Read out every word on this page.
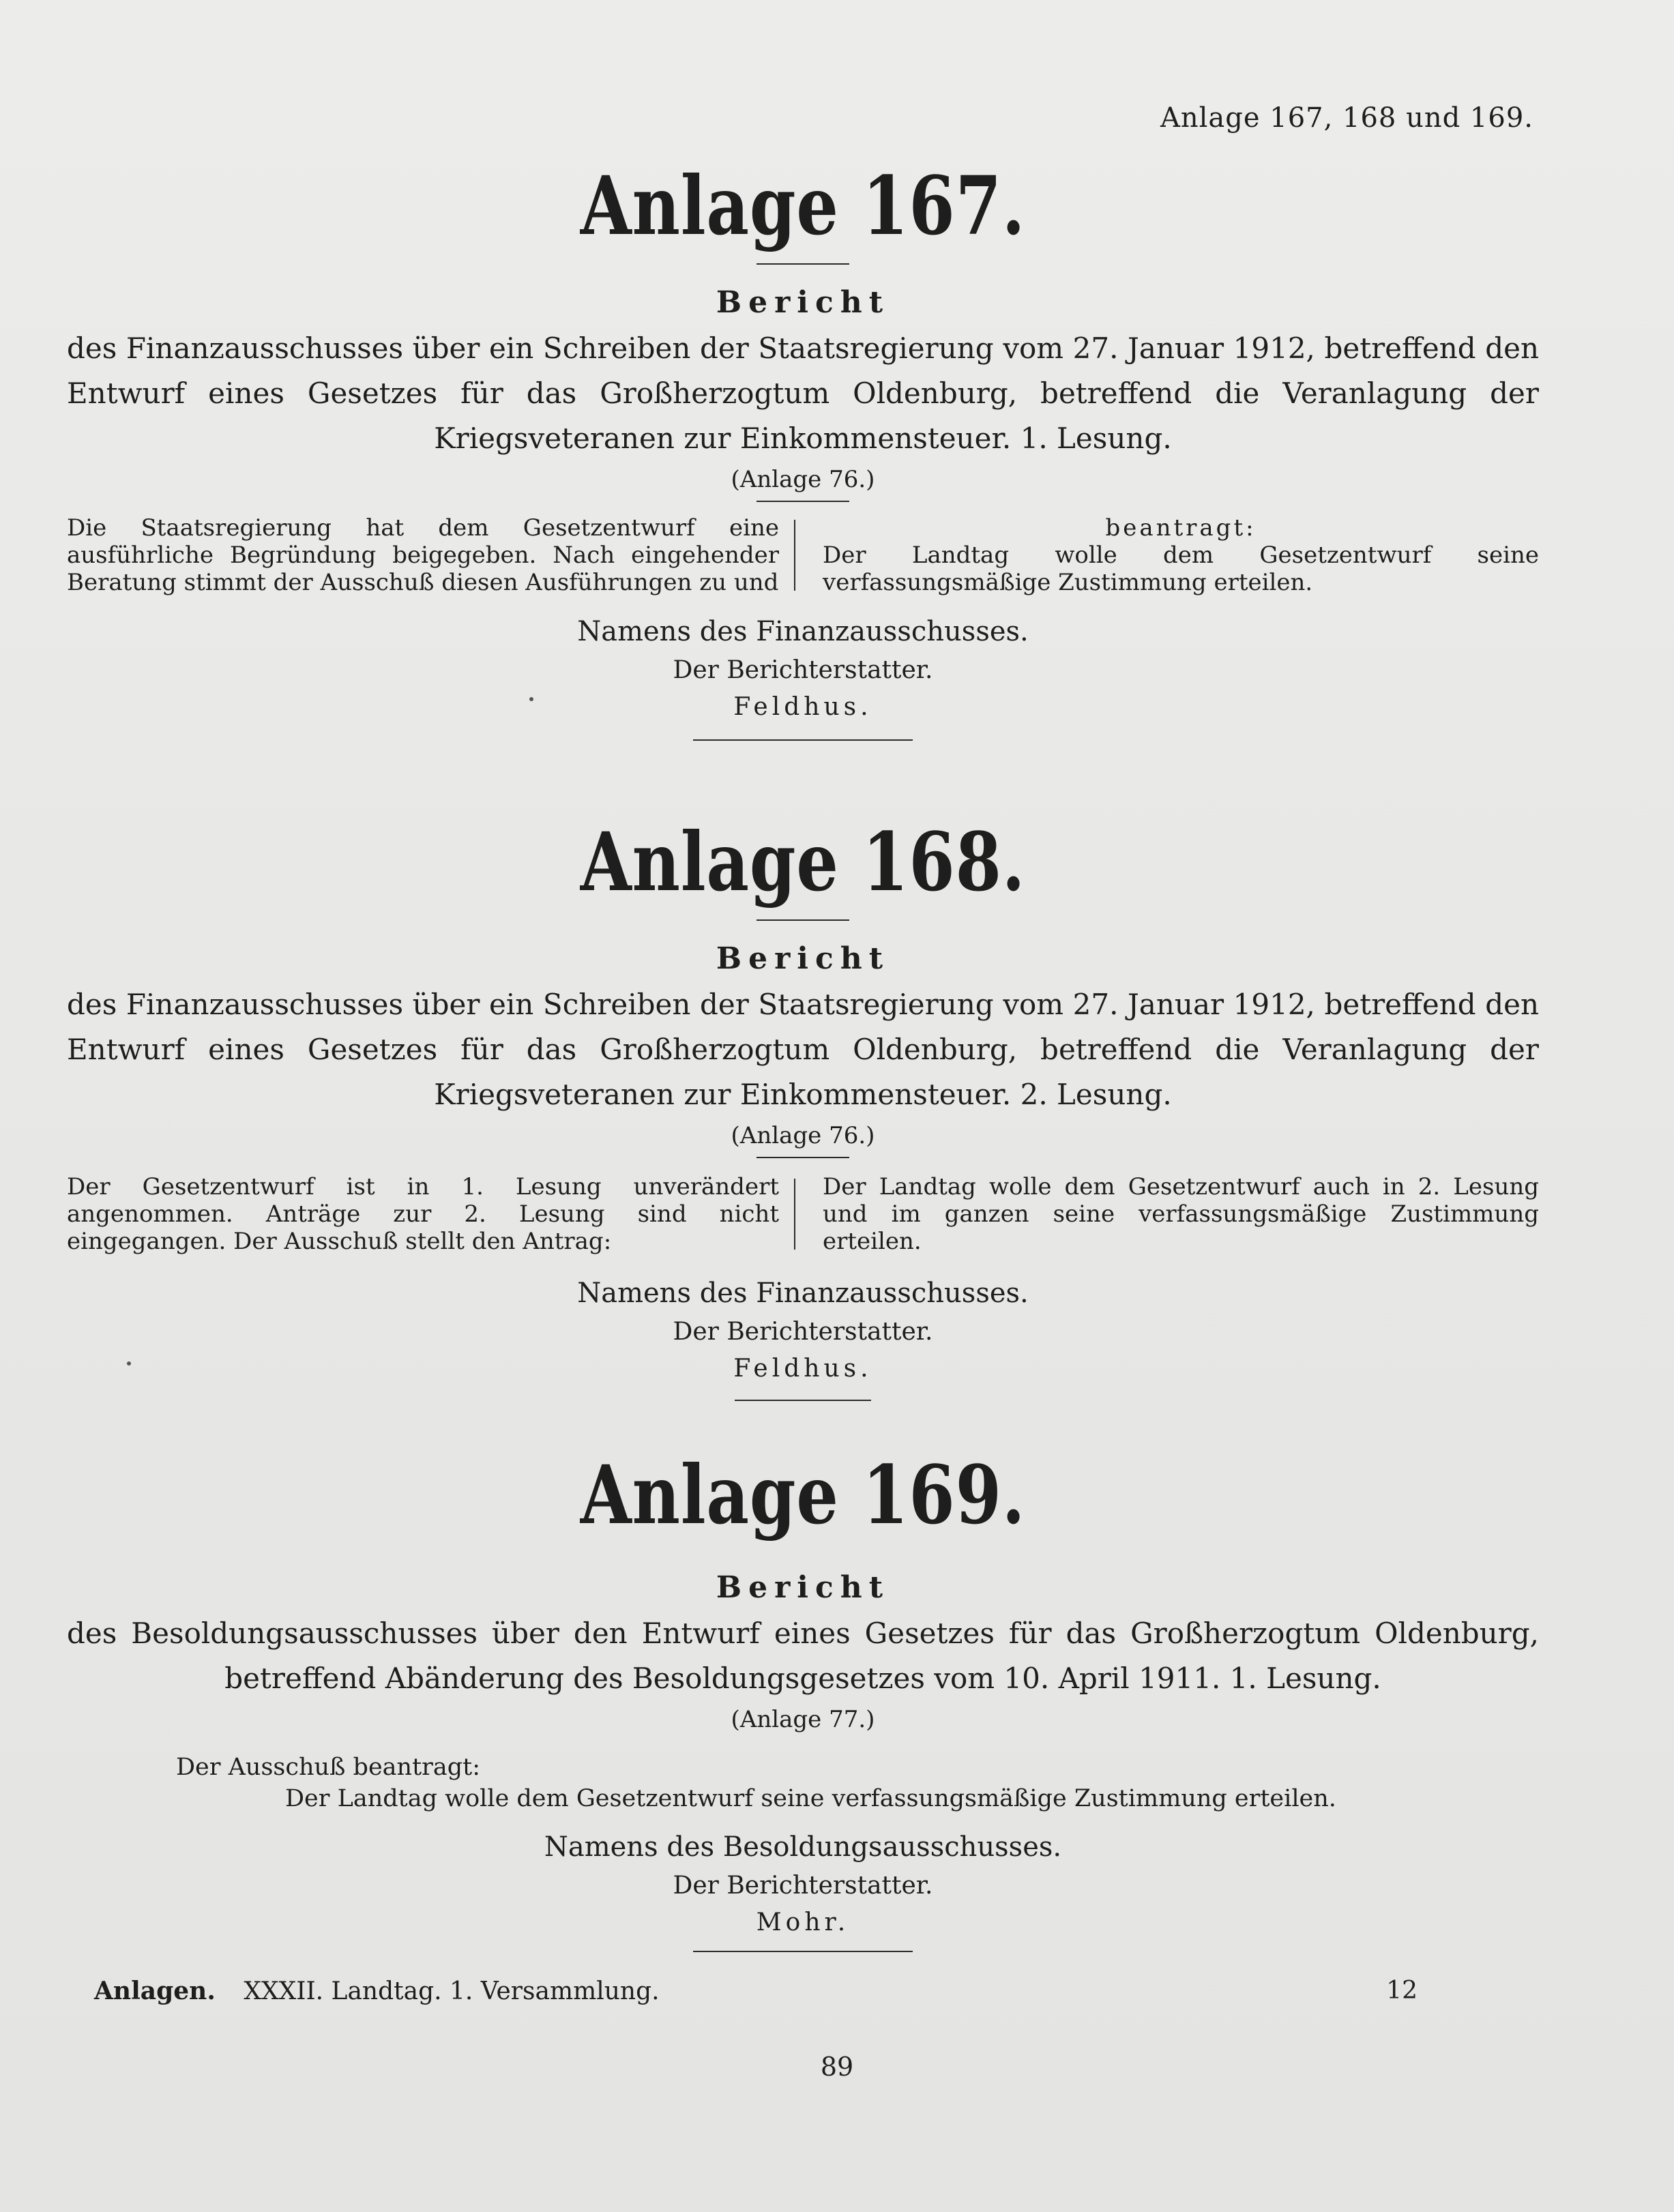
Anlage 167, 168 und 169.
Anlage 167.
Bericht
des Finanzausschusses über ein Schreiben der Staatsregierung vom 27. Januar 1912, betreffend den Entwurf eines Gesetzes für das Großherzogtum Oldenburg, betreffend die Veranlagung der Kriegsveteranen zur Einkommensteuer. 1. Lesung.
(Anlage 76.)
Die Staatsregierung hat dem Gesetzentwurf eine ausführliche Begründung beigegeben. Nach eingehender Beratung stimmt der Ausschuß diesen Ausführungen zu und
beantragt:
Der Landtag wolle dem Gesetzentwurf seine verfassungsmäßige Zustimmung erteilen.
Namens des Finanzausschusses.
Der Berichterstatter.
Feldhus.
Anlage 168.
Bericht
des Finanzausschusses über ein Schreiben der Staatsregierung vom 27. Januar 1912, betreffend den Entwurf eines Gesetzes für das Großherzogtum Oldenburg, betreffend die Veranlagung der Kriegsveteranen zur Einkommensteuer. 2. Lesung.
(Anlage 76.)
Der Gesetzentwurf ist in 1. Lesung unverändert angenommen. Anträge zur 2. Lesung sind nicht eingegangen. Der Ausschuß stellt den Antrag:
Der Landtag wolle dem Gesetzentwurf auch in 2. Lesung und im ganzen seine verfassungsmäßige Zustimmung erteilen.
Namens des Finanzausschusses.
Der Berichterstatter.
Feldhus.
Anlage 169.
Bericht
des Besoldungsausschusses über den Entwurf eines Gesetzes für das Großherzogtum Oldenburg, betreffend Abänderung des Besoldungsgesetzes vom 10. April 1911. 1. Lesung.
(Anlage 77.)
Der Ausschuß beantragt:
Der Landtag wolle dem Gesetzentwurf seine verfassungsmäßige Zustimmung erteilen.
Namens des Besoldungsausschusses.
Der Berichterstatter.
Mohr.
Anlagen. XXXII. Landtag. 1. Versammlung.	12
89
